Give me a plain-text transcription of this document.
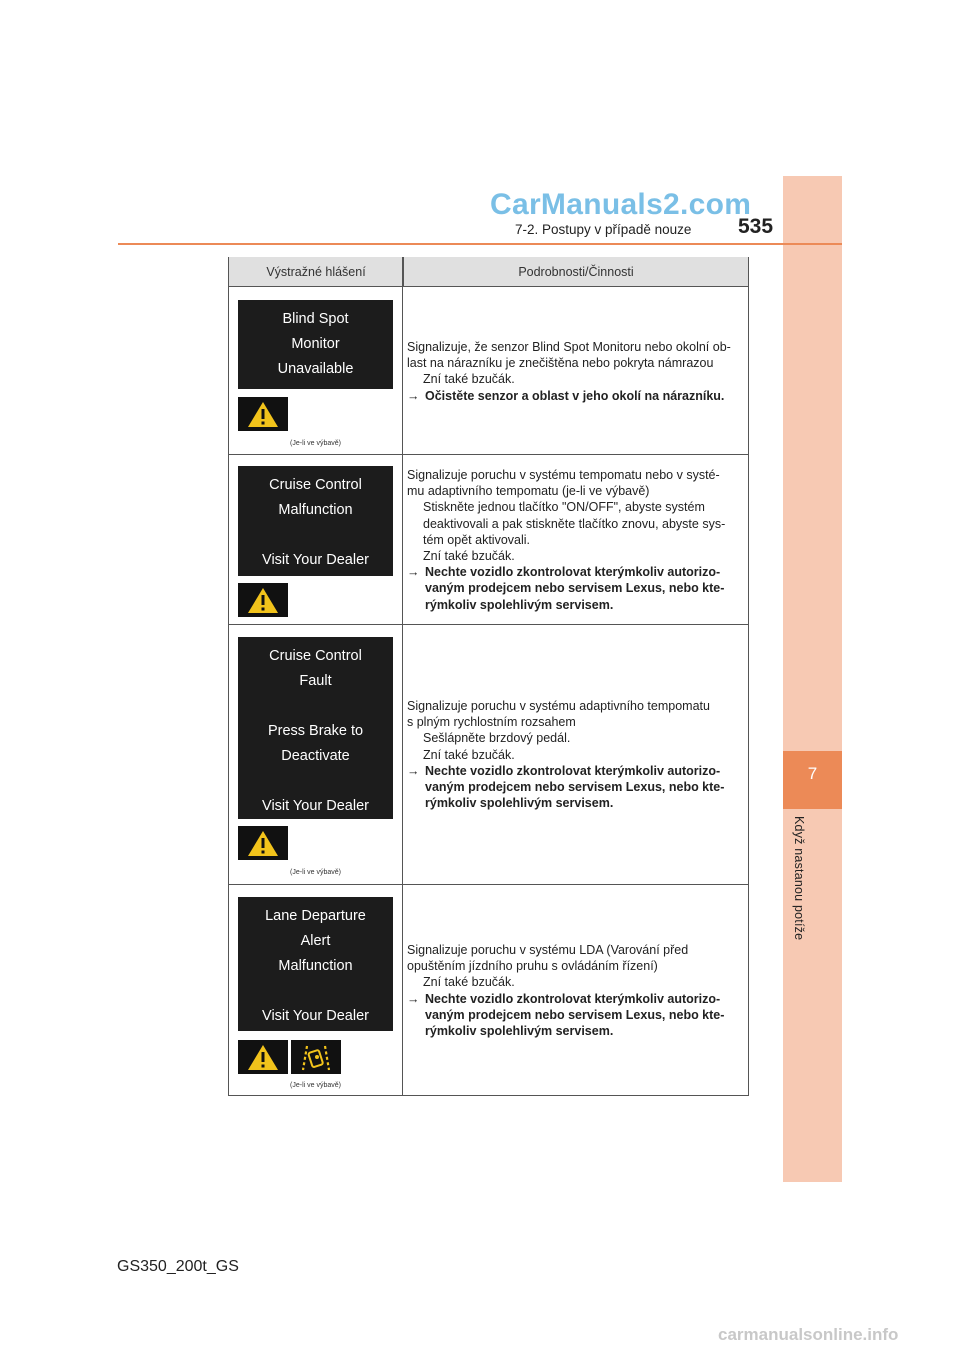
7
Když nastanou potíže
CarManuals2.com
7-2. Postupy v případě nouze 535
Výstražné hlášení	Podrobnosti/Činnosti
Blind Spot
Monitor
Unavailable
(Je-li ve výbavě)
Signalizuje, že senzor Blind Spot Monitoru nebo okolní ob-
last na nárazníku je znečištěna nebo pokryta námrazou
Zní také bzučák.
→ Očistěte senzor a oblast v jeho okolí na nárazníku.
Cruise Control
Malfunction

Visit Your Dealer
Signalizuje poruchu v systému tempomatu nebo v systé-
mu adaptivního tempomatu (je-li ve výbavě)
Stiskněte jednou tlačítko "ON/OFF", abyste systém
deaktivovali a pak stiskněte tlačítko znovu, abyste sys-
tém opět aktivovali.
Zní také bzučák.
→ Nechte vozidlo zkontrolovat kterýmkoliv autorizo-
vaným prodejcem nebo servisem Lexus, nebo kte-
rýmkoliv spolehlivým servisem.
Cruise Control
Fault

Press Brake to
Deactivate

Visit Your Dealer
(Je-li ve výbavě)
Signalizuje poruchu v systému adaptivního tempomatu
s plným rychlostním rozsahem
Sešlápněte brzdový pedál.
Zní také bzučák.
→ Nechte vozidlo zkontrolovat kterýmkoliv autorizo-
vaným prodejcem nebo servisem Lexus, nebo kte-
rýmkoliv spolehlivým servisem.
Lane Departure
Alert
Malfunction

Visit Your Dealer
(Je-li ve výbavě)
Signalizuje poruchu v systému LDA (Varování před
opuštěním jízdního pruhu s ovládáním řízení)
Zní také bzučák.
→ Nechte vozidlo zkontrolovat kterýmkoliv autorizo-
vaným prodejcem nebo servisem Lexus, nebo kte-
rýmkoliv spolehlivým servisem.
GS350_200t_GS
carmanualsonline.info
